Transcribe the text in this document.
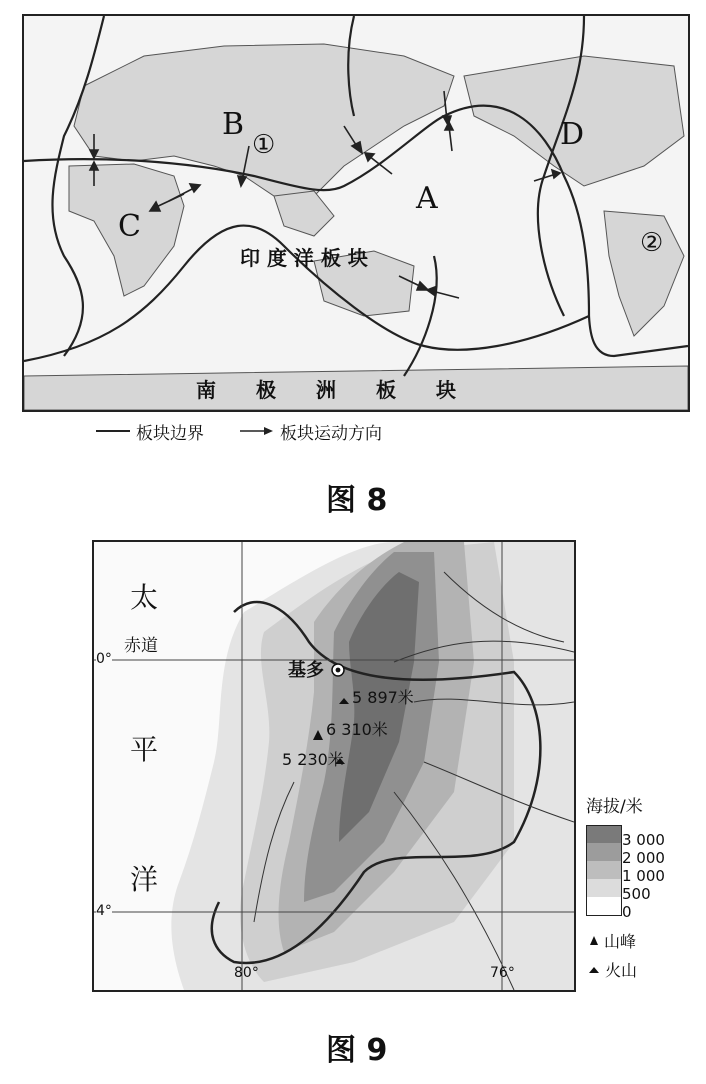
A
B
C
D
①
②
印 度 洋 板 块
南　　极　　洲　　板　　块
板块边界	板块运动方向
图 8
太
平
洋
赤道
0°
4°
80°	76°
基多
5 897米
6 310米
5 230米
海拔/米
3 000
2 000
1 000
500
0
山峰
火山
图 9
